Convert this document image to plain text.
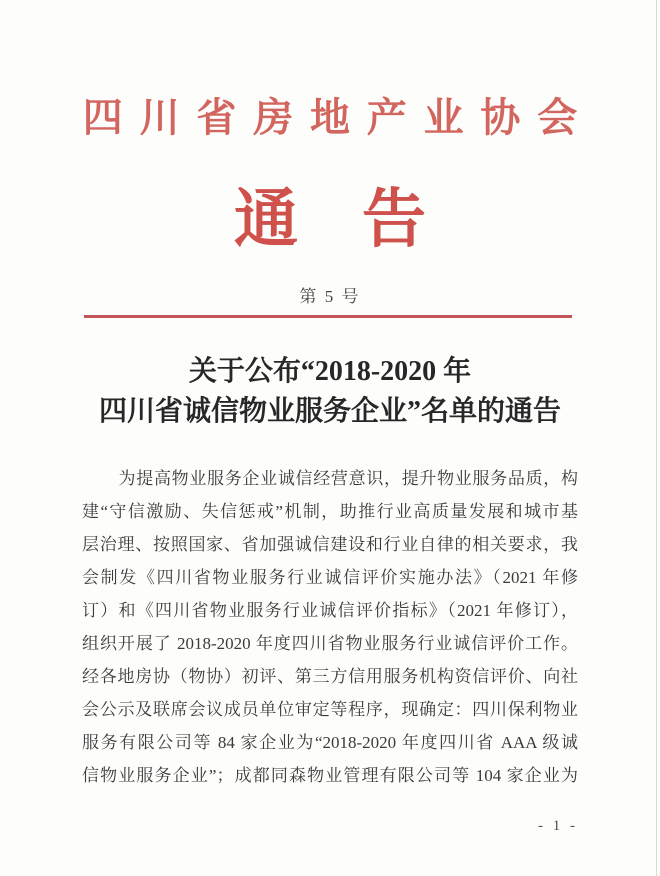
四川省房地产业协会
通　告
第 5 号
关于公布“2018-2020 年
四川省诚信物业服务企业”名单的通告
为提高物业服务企业诚信经营意识，提升物业服务品质，构
建“守信激励、失信惩戒”机制，助推行业高质量发展和城市基
层治理、按照国家、省加强诚信建设和行业自律的相关要求，我
会制发《四川省物业服务行业诚信评价实施办法》（2021 年修
订）和《四川省物业服务行业诚信评价指标》（2021 年修订），
组织开展了 2018-2020 年度四川省物业服务行业诚信评价工作。
经各地房协（物协）初评、第三方信用服务机构资信评价、向社
会公示及联席会议成员单位审定等程序，现确定：四川保利物业
服务有限公司等 84 家企业为“2018-2020 年度四川省 AAA 级诚
信物业服务企业”；成都同森物业管理有限公司等 104 家企业为
- 1 -
